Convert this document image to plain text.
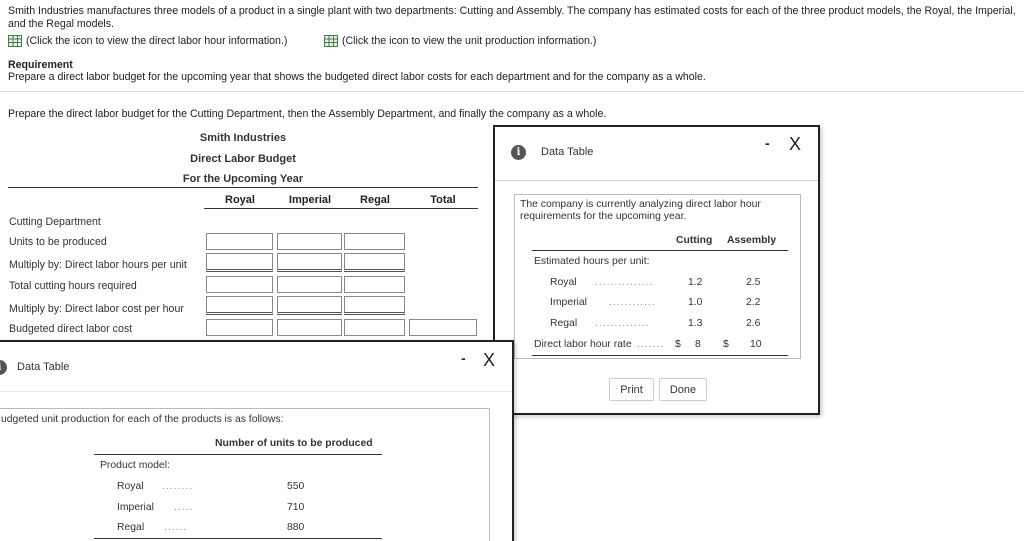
Smith Industries manufactures three models of a product in a single plant with two departments: Cutting and Assembly. The company has estimated costs for each of the three product models, the Royal, the Imperial, and the Regal models.
(Click the icon to view the direct labor hour information.)	(Click the icon to view the unit production information.)
Requirement
Prepare a direct labor budget for the upcoming year that shows the budgeted direct labor costs for each department and for the company as a whole.
Prepare the direct labor budget for the Cutting Department, then the Assembly Department, and finally the company as a whole.
Smith Industries
Direct Labor Budget
For the Upcoming Year
Royal	Imperial	Regal	Total
Cutting Department
Units to be produced
Multiply by: Direct labor hours per unit
Total cutting hours required
Multiply by: Direct labor cost per hour
Budgeted direct labor cost
i	Data Table
- X
The company is currently analyzing direct labor hour requirements for the upcoming year.
Cutting Assembly
Estimated hours per unit:
Royal ...............	1.2	2.5
Imperial ............	1.0	2.2
Regal ..............	1.3	2.6
Direct labor hour rate ....... $ 8 $ 10
Print	Done
Data Table
- X
udgeted unit production for each of the products is as follows:
Number of units to be produced
Product model:
Royal ........	550
Imperial .....	710
Regal ......	880
